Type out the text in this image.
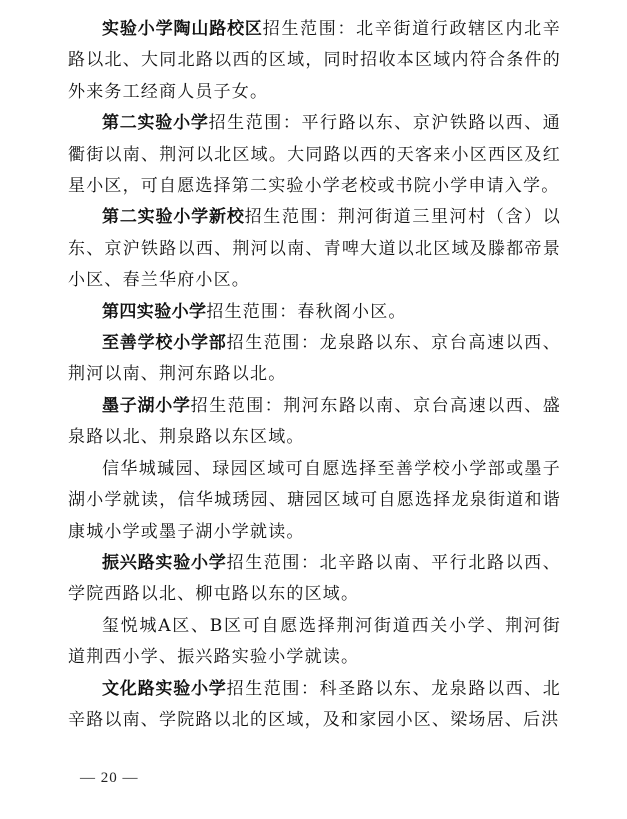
实验小学陶山路校区招生范围：北辛街道行政辖区内北辛路以北、大同北路以西的区域，同时招收本区域内符合条件的外来务工经商人员子女。

第二实验小学招生范围：平行路以东、京沪铁路以西、通衢街以南、荆河以北区域。大同路以西的天客来小区西区及红星小区，可自愿选择第二实验小学老校或书院小学申请入学。

第二实验小学新校招生范围：荆河街道三里河村（含）以东、京沪铁路以西、荆河以南、青啤大道以北区域及滕都帝景小区、春兰华府小区。

第四实验小学招生范围：春秋阁小区。

至善学校小学部招生范围：龙泉路以东、京台高速以西、荆河以南、荆河东路以北。

墨子湖小学招生范围：荆河东路以南、京台高速以西、盛泉路以北、荆泉路以东区域。

信华城瑊园、琭园区域可自愿选择至善学校小学部或墨子湖小学就读，信华城琇园、瑭园区域可自愿选择龙泉街道和谐康城小学或墨子湖小学就读。

振兴路实验小学招生范围：北辛路以南、平行北路以西、学院西路以北、柳屯路以东的区域。

玺悦城A区、B区可自愿选择荆河街道西关小学、荆河街道荆西小学、振兴路实验小学就读。

文化路实验小学招生范围：科圣路以东、龙泉路以西、北辛路以南、学院路以北的区域，及和家园小区、梁场居、后洪

— 20 —
